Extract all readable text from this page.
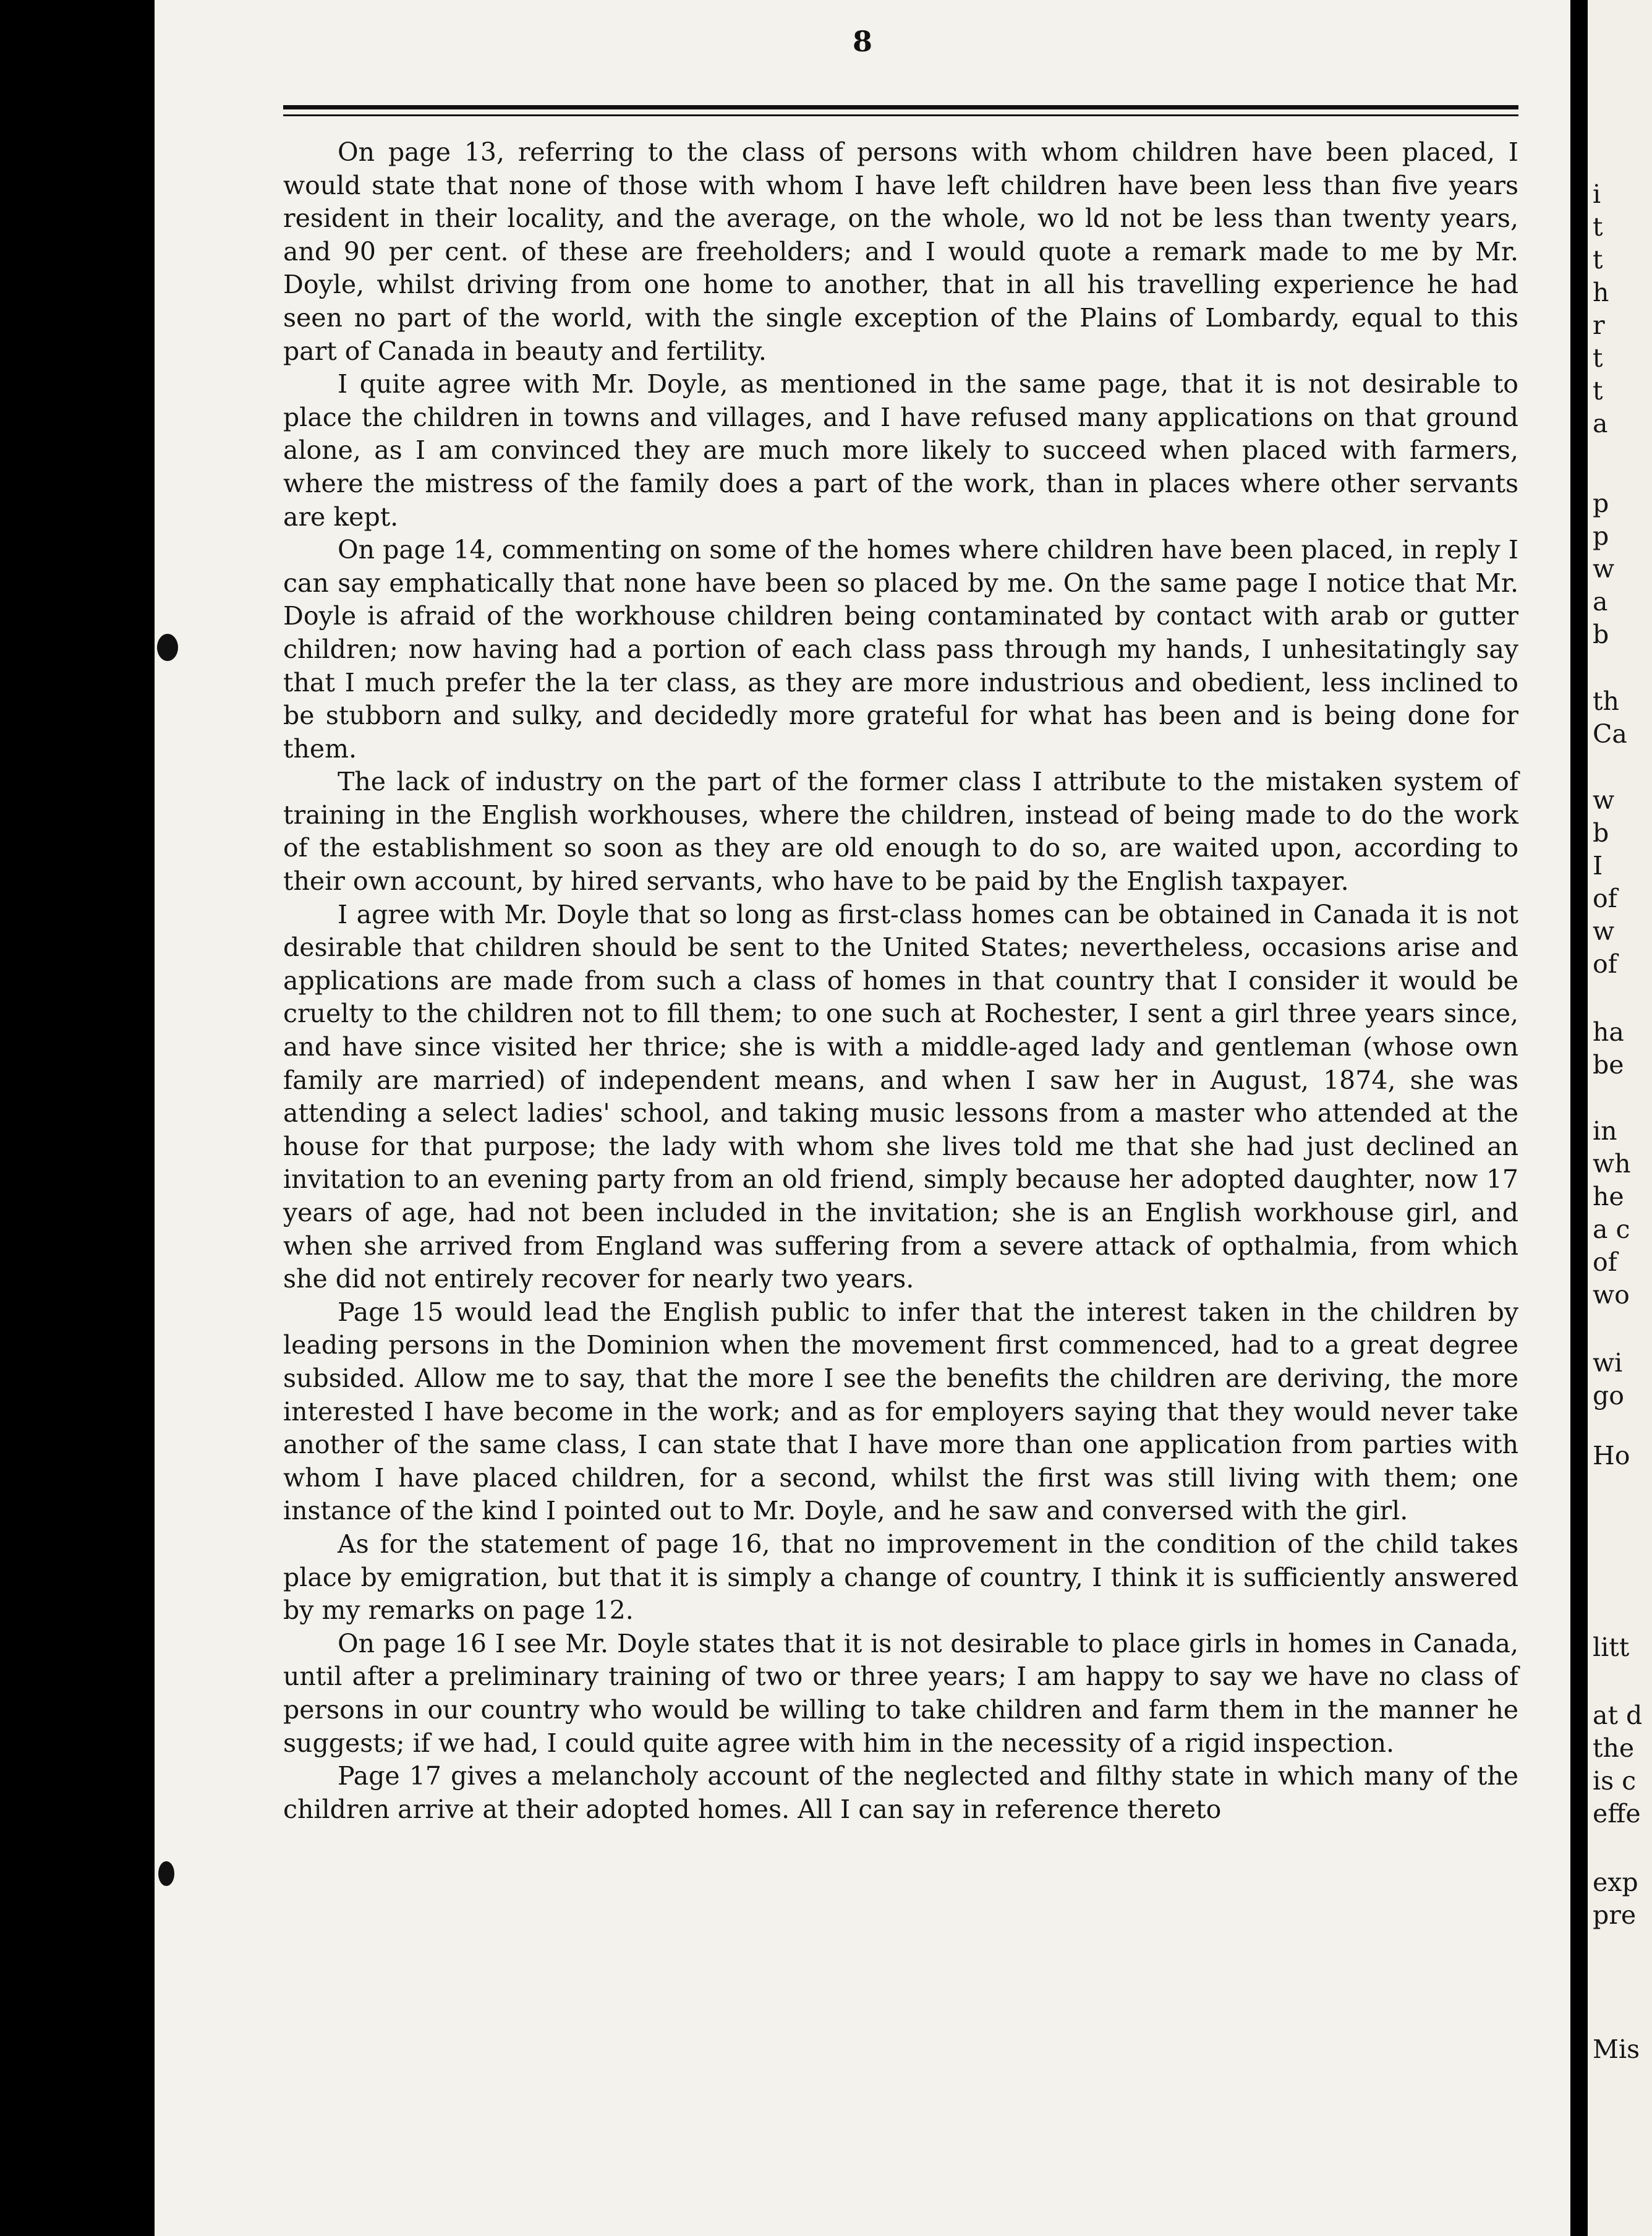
8

On page 13, referring to the class of persons with whom children have been placed, I would state that none of those with whom I have left children have been less than five years resident in their locality, and the average, on the whole, wo ld not be less than twenty years, and 90 per cent. of these are freeholders; and I would quote a remark made to me by Mr. Doyle, whilst driving from one home to another, that in all his travelling experience he had seen no part of the world, with the single exception of the Plains of Lombardy, equal to this part of Canada in beauty and fertility.

I quite agree with Mr. Doyle, as mentioned in the same page, that it is not desirable to place the children in towns and villages, and I have refused many applications on that ground alone, as I am convinced they are much more likely to succeed when placed with farmers, where the mistress of the family does a part of the work, than in places where other servants are kept.

On page 14, commenting on some of the homes where children have been placed, in reply I can say emphatically that none have been so placed by me. On the same page I notice that Mr. Doyle is afraid of the workhouse children being contaminated by contact with arab or gutter children; now having had a portion of each class pass through my hands, I unhesitatingly say that I much prefer the la ter class, as they are more industrious and obedient, less inclined to be stubborn and sulky, and decidedly more grateful for what has been and is being done for them.

The lack of industry on the part of the former class I attribute to the mistaken system of training in the English workhouses, where the children, instead of being made to do the work of the establishment so soon as they are old enough to do so, are waited upon, according to their own account, by hired servants, who have to be paid by the English taxpayer.

I agree with Mr. Doyle that so long as first-class homes can be obtained in Canada it is not desirable that children should be sent to the United States; nevertheless, occasions arise and applications are made from such a class of homes in that country that I consider it would be cruelty to the children not to fill them; to one such at Rochester, I sent a girl three years since, and have since visited her thrice; she is with a middle-aged lady and gentleman (whose own family are married) of independent means, and when I saw her in August, 1874, she was attending a select ladies' school, and taking music lessons from a master who attended at the house for that purpose; the lady with whom she lives told me that she had just declined an invitation to an evening party from an old friend, simply because her adopted daughter, now 17 years of age, had not been included in the invitation; she is an English workhouse girl, and when she arrived from England was suffering from a severe attack of opthalmia, from which she did not entirely recover for nearly two years.

Page 15 would lead the English public to infer that the interest taken in the children by leading persons in the Dominion when the movement first commenced, had to a great degree subsided. Allow me to say, that the more I see the benefits the children are deriving, the more interested I have become in the work; and as for employers saying that they would never take another of the same class, I can state that I have more than one application from parties with whom I have placed children, for a second, whilst the first was still living with them; one instance of the kind I pointed out to Mr. Doyle, and he saw and conversed with the girl.

As for the statement of page 16, that no improvement in the condition of the child takes place by emigration, but that it is simply a change of country, I think it is sufficiently answered by my remarks on page 12.

On page 16 I see Mr. Doyle states that it is not desirable to place girls in homes in Canada, until after a preliminary training of two or three years; I am happy to say we have no class of persons in our country who would be willing to take children and farm them in the manner he suggests; if we had, I could quite agree with him in the necessity of a rigid inspection.

Page 17 gives a melancholy account of the neglected and filthy state in which many of the children arrive at their adopted homes. All I can say in reference thereto

i

t

t

h

r

t

t

a

p

p

w

a

b

th

Ca

w

b

I

of

w

of

ha

be

in

wh

he

a c

of

wo

wi

go

Ho

litt

at d

the

is c

effe

exp

pre

Mis
